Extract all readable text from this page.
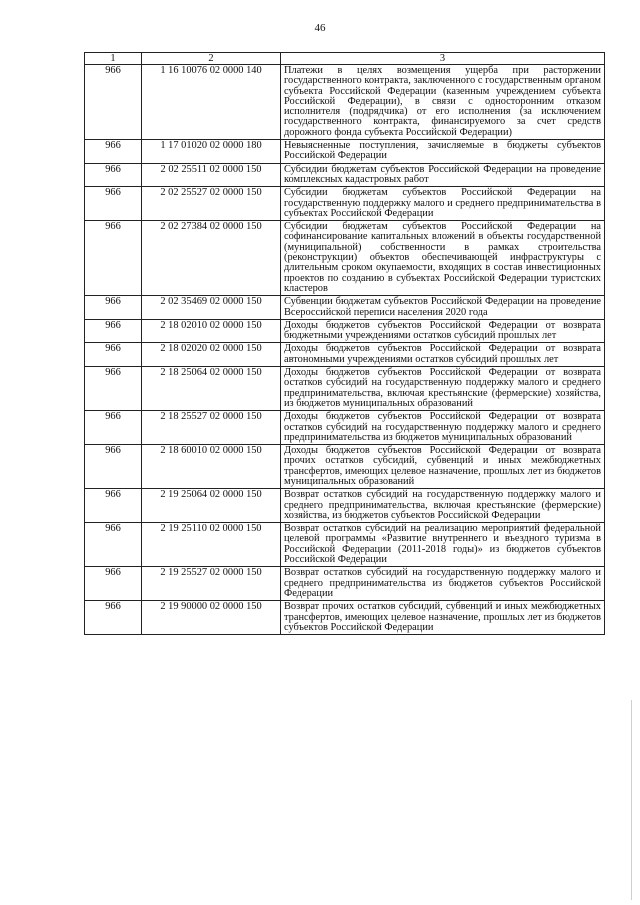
46
1	2	3
966	1 16 10076 02 0000 140	Платежи в целях возмещения ущерба при расторжении государственного контракта, заключенного с государственным органом субъекта Российской Федерации (казенным учреждением субъекта Российской Федерации), в связи с односторонним отказом исполнителя (подрядчика) от его исполнения (за исключением государственного контракта, финансируемого за счет средств дорожного фонда субъекта Российской Федерации)
966	1 17 01020 02 0000 180	Невыясненные поступления, зачисляемые в бюджеты субъектов Российской Федерации
966	2 02 25511 02 0000 150	Субсидии бюджетам субъектов Российской Федерации на проведение комплексных кадастровых работ
966	2 02 25527 02 0000 150	Субсидии бюджетам субъектов Российской Федерации на государственную поддержку малого и среднего предпринимательства в субъектах Российской Федерации
966	2 02 27384 02 0000 150	Субсидии бюджетам субъектов Российской Федерации на софинансирование капитальных вложений в объекты государственной (муниципальной) собственности в рамках строительства (реконструкции) объектов обеспечивающей инфраструктуры с длительным сроком окупаемости, входящих в состав инвестиционных проектов по созданию в субъектах Российской Федерации туристских кластеров
966	2 02 35469 02 0000 150	Субвенции бюджетам субъектов Российской Федерации на проведение Всероссийской переписи населения 2020 года
966	2 18 02010 02 0000 150	Доходы бюджетов субъектов Российской Федерации от возврата бюджетными учреждениями остатков субсидий прошлых лет
966	2 18 02020 02 0000 150	Доходы бюджетов субъектов Российской Федерации от возврата автономными учреждениями остатков субсидий прошлых лет
966	2 18 25064 02 0000 150	Доходы бюджетов субъектов Российской Федерации от возврата остатков субсидий на государственную поддержку малого и среднего предпринимательства, включая крестьянские (фермерские) хозяйства, из бюджетов муниципальных образований
966	2 18 25527 02 0000 150	Доходы бюджетов субъектов Российской Федерации от возврата остатков субсидий на государственную поддержку малого и среднего предпринимательства из бюджетов муниципальных образований
966	2 18 60010 02 0000 150	Доходы бюджетов субъектов Российской Федерации от возврата прочих остатков субсидий, субвенций и иных межбюджетных трансфертов, имеющих целевое назначение, прошлых лет из бюджетов муниципальных образований
966	2 19 25064 02 0000 150	Возврат остатков субсидий на государственную поддержку малого и среднего предпринимательства, включая крестьянские (фермерские) хозяйства, из бюджетов субъектов Российской Федерации
966	2 19 25110 02 0000 150	Возврат остатков субсидий на реализацию мероприятий федеральной целевой программы «Развитие внутреннего и въездного туризма в Российской Федерации (2011-2018 годы)» из бюджетов субъектов Российской Федерации
966	2 19 25527 02 0000 150	Возврат остатков субсидий на государственную поддержку малого и среднего предпринимательства из бюджетов субъектов Российской Федерации
966	2 19 90000 02 0000 150	Возврат прочих остатков субсидий, субвенций и иных межбюджетных трансфертов, имеющих целевое назначение, прошлых лет из бюджетов субъектов Российской Федерации
